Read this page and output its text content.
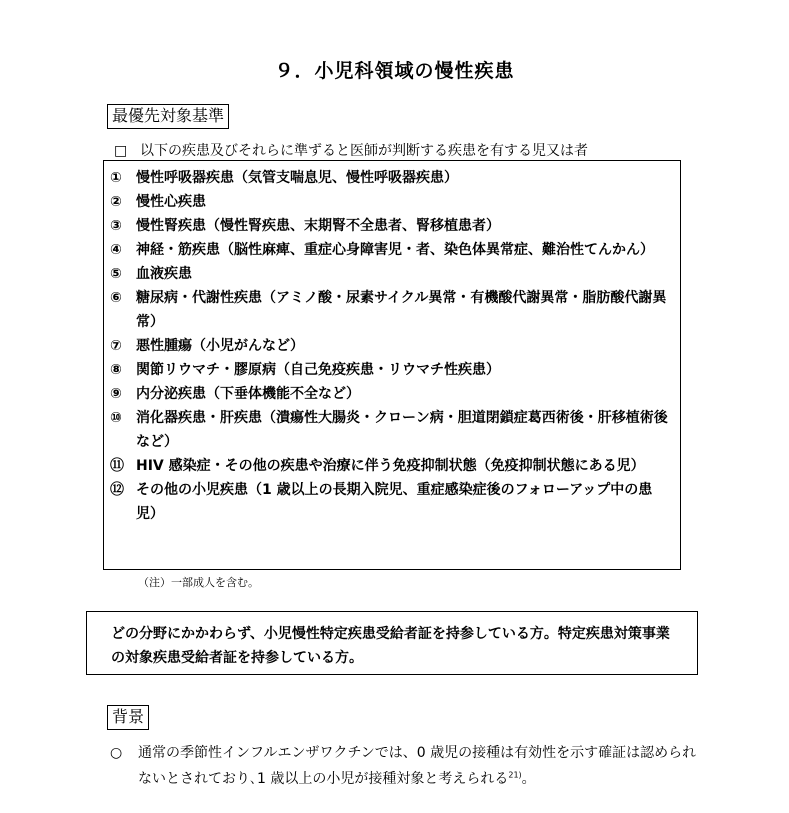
９．小児科領域の慢性疾患
最優先対象基準
□ 以下の疾患及びそれらに準ずると医師が判断する疾患を有する児又は者
①	慢性呼吸器疾患（気管支喘息児、慢性呼吸器疾患）
②	慢性心疾患
③	慢性腎疾患（慢性腎疾患、末期腎不全患者、腎移植患者）
④	神経・筋疾患（脳性麻痺、重症心身障害児・者、染色体異常症、難治性てんかん）
⑤	血液疾患
⑥	糖尿病・代謝性疾患（アミノ酸・尿素サイクル異常・有機酸代謝異常・脂肪酸代謝異常）
⑦	悪性腫瘍（小児がんなど）
⑧	関節リウマチ・膠原病（自己免疫疾患・リウマチ性疾患）
⑨	内分泌疾患（下垂体機能不全など）
⑩	消化器疾患・肝疾患（潰瘍性大腸炎・クローン病・胆道閉鎖症葛西術後・肝移植術後など）
⑪ HIV 感染症・その他の疾患や治療に伴う免疫抑制状態（免疫抑制状態にある児）
⑫ その他の小児疾患（1 歳以上の長期入院児、重症感染症後のフォローアップ中の患児）
（注）一部成人を含む。
どの分野にかかわらず、小児慢性特定疾患受給者証を持参している方。特定疾患対策事業の対象疾患受給者証を持参している方。
背景
○	通常の季節性インフルエンザワクチンでは、0 歳児の接種は有効性を示す確証は認められないとされており､1 歳以上の小児が接種対象と考えられる$^{21)}$。
